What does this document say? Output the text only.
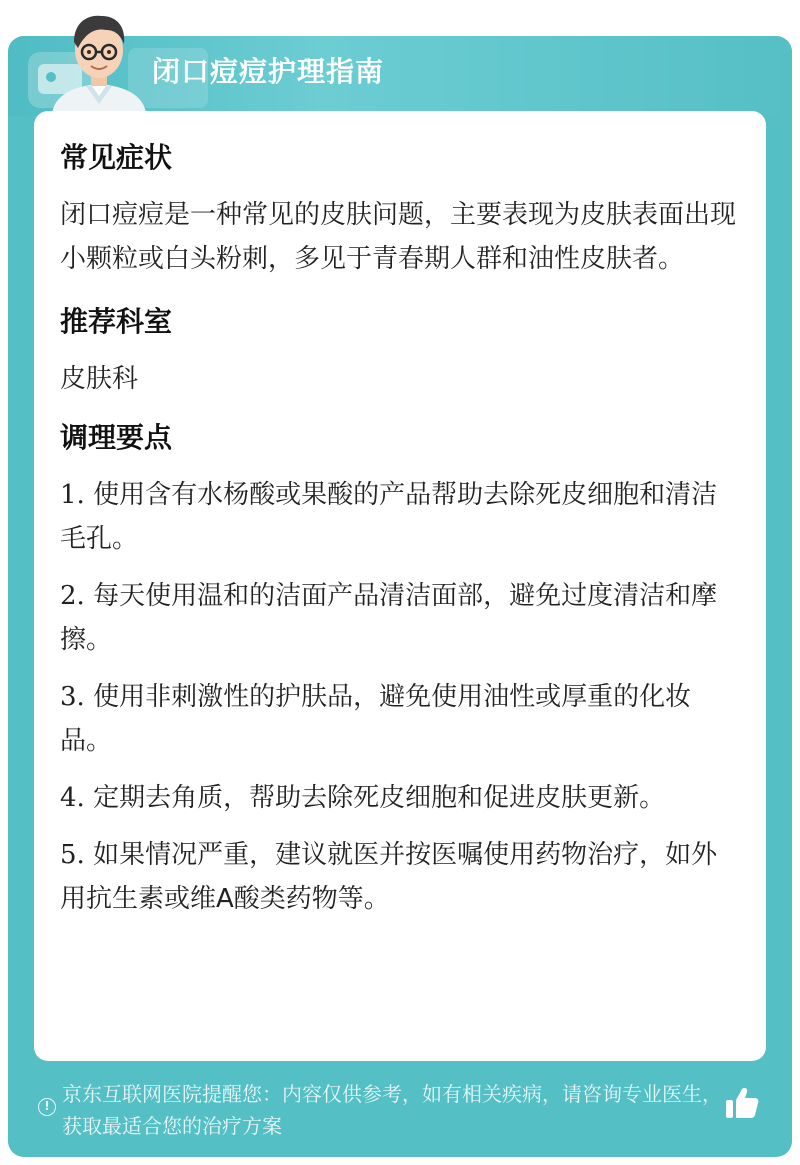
闭口痘痘护理指南
常见症状
闭口痘痘是一种常见的皮肤问题，主要表现为皮肤表面出现小颗粒或白头粉刺，多见于青春期人群和油性皮肤者。
推荐科室
皮肤科
调理要点
1. 使用含有水杨酸或果酸的产品帮助去除死皮细胞和清洁毛孔。
2. 每天使用温和的洁面产品清洁面部，避免过度清洁和摩擦。
3. 使用非刺激性的护肤品，避免使用油性或厚重的化妆品。
4. 定期去角质，帮助去除死皮细胞和促进皮肤更新。
5. 如果情况严重，建议就医并按医嘱使用药物治疗，如外用抗生素或维A酸类药物等。
! 京东互联网医院提醒您：内容仅供参考，如有相关疾病，请咨询专业医生，获取最适合您的治疗方案
